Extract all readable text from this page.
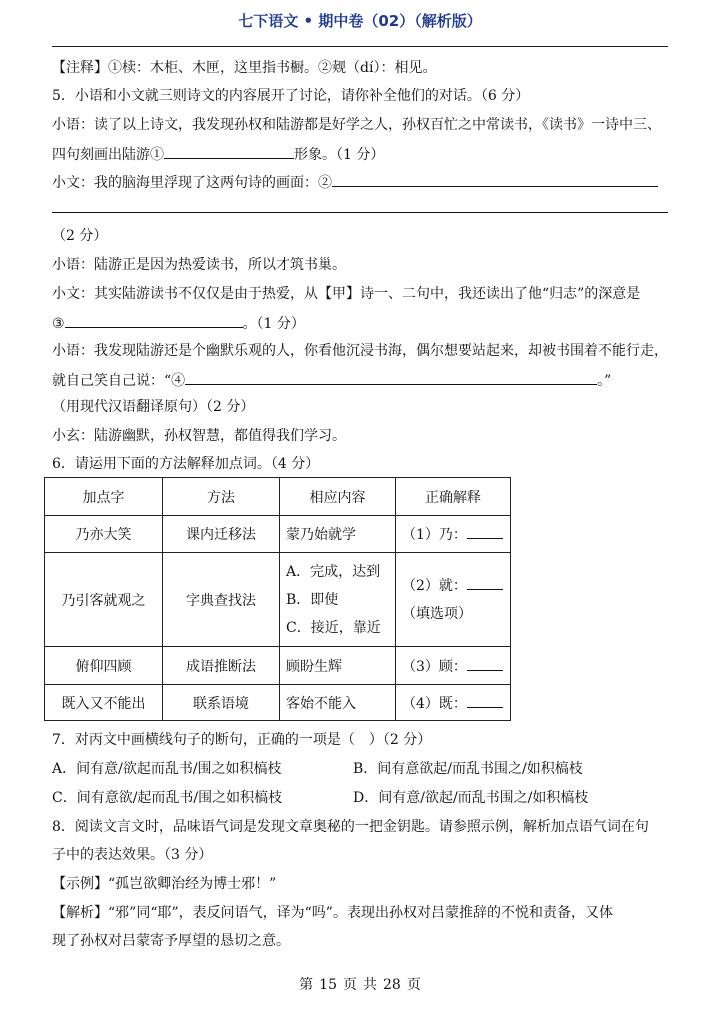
七下语文 • 期中卷（02）（解析版）
【注释】①椟：木柜、木匣，这里指书橱。②觌（dí）：相见。
5．小语和小文就三则诗文的内容展开了讨论，请你补全他们的对话。（6 分）
小语：读了以上诗文，我发现孙权和陆游都是好学之人，孙权百忙之中常读书，《读书》一诗中三、
四句刻画出陆游①	形象。（1 分）
小文：我的脑海里浮现了这两句诗的画面：②
（2 分）
小语：陆游正是因为热爱读书，所以才筑书巢。
小文：其实陆游读书不仅仅是由于热爱，从【甲】诗一、二句中，我还读出了他“归志”的深意是
③	。（1 分）
小语：我发现陆游还是个幽默乐观的人，你看他沉浸书海，偶尔想要站起来，却被书围着不能行走，
就自己笑自己说：“④	。”
（用现代汉语翻译原句）（2 分）
小玄：陆游幽默，孙权智慧，都值得我们学习。
6．请运用下面的方法解释加点词。（4 分）
加点字	方法	相应内容	正确解释
乃亦大笑	课内迁移法	蒙乃始就学	（1）乃：
乃引客就观之	字典查找法	A．完成，达到
B．即使
C．接近，靠近	（2）就：
（填选项）

俯仰四顾	成语推断法	顾盼生辉	（3）顾：
既入又不能出	联系语境	客始不能入	（4）既：
7．对丙文中画横线句子的断句，正确的一项是（　）（2 分）
A．间有意/欲起而乱书/围之如积槁枝	B．间有意欲起/而乱书围之/如积槁枝
C．间有意欲/起而乱书/围之如积槁枝	D．间有意/欲起/而乱书围之/如积槁枝
8．阅读文言文时，品味语气词是发现文章奥秘的一把金钥匙。请参照示例，解析加点语气词在句
子中的表达效果。（3 分）
【示例】“孤岂欲卿治经为博士邪！”
【解析】“邪”同“耶”，表反问语气，译为“吗”。表现出孙权对吕蒙推辞的不悦和责备，又体
现了孙权对吕蒙寄予厚望的恳切之意。
第 15 页 共 28 页
